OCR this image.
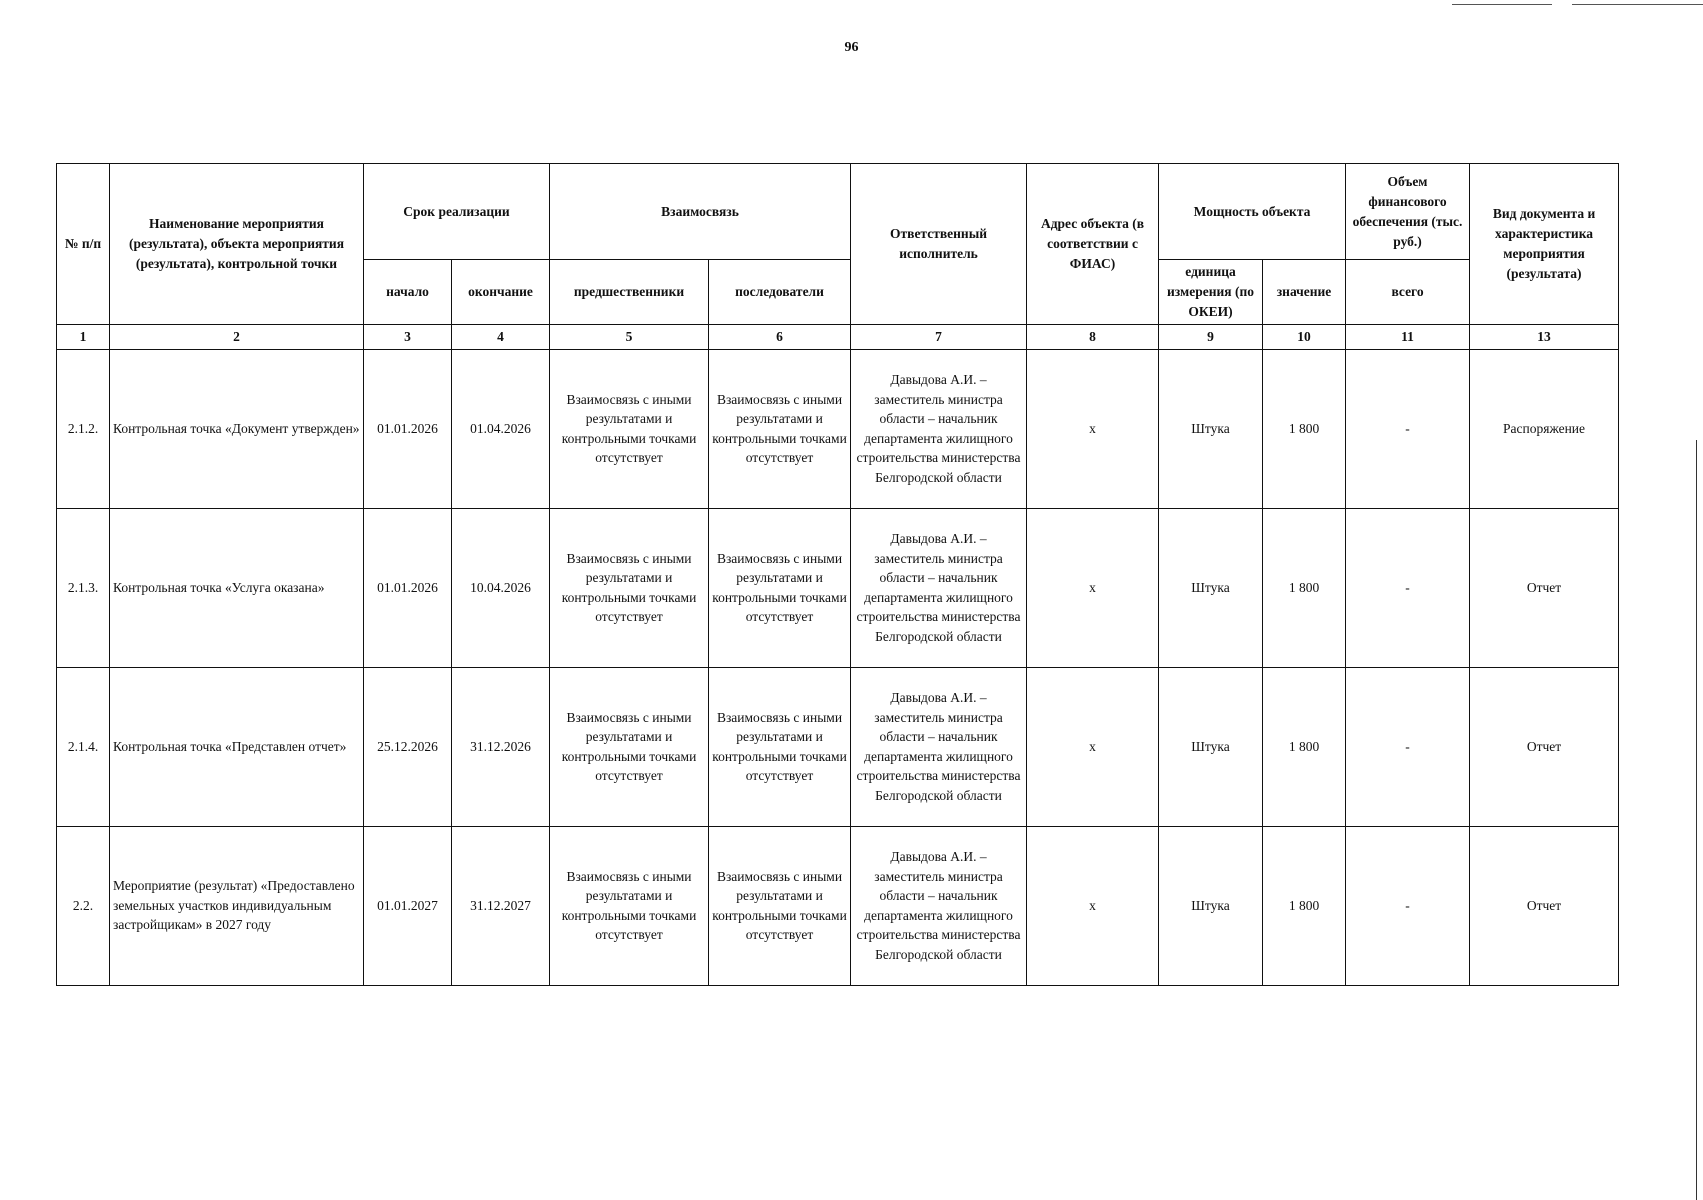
96
№ п/п	Наименование мероприятия (результата), объекта мероприятия (результата), контрольной точки	Срок реализации		Взаимосвязь		Ответственный исполнитель	Адрес объекта (в соответствии с ФИАС)	Мощность объекта		Объем финансового обеспечения (тыс. руб.)	Вид документа и характеристика мероприятия (результата)
		начало	окончание	предшественники	последователи			единица измерения (по ОКЕИ)	значение	всего	
1	2	3	4	5	6	7	8	9	10	11	13
2.1.2.	Контрольная точка «Документ утвержден»	01.01.2026	01.04.2026	Взаимосвязь с иными результатами и контрольными точками отсутствует	Взаимосвязь с иными результатами и контрольными точками отсутствует	Давыдова А.И. – заместитель министра области – начальник департамента жилищного строительства министерства Белгородской области	х	Штука	1 800	-	Распоряжение
2.1.3.	Контрольная точка «Услуга оказана»	01.01.2026	10.04.2026	Взаимосвязь с иными результатами и контрольными точками отсутствует	Взаимосвязь с иными результатами и контрольными точками отсутствует	Давыдова А.И. – заместитель министра области – начальник департамента жилищного строительства министерства Белгородской области	х	Штука	1 800	-	Отчет
2.1.4.	Контрольная точка «Представлен отчет»	25.12.2026	31.12.2026	Взаимосвязь с иными результатами и контрольными точками отсутствует	Взаимосвязь с иными результатами и контрольными точками отсутствует	Давыдова А.И. – заместитель министра области – начальник департамента жилищного строительства министерства Белгородской области	х	Штука	1 800	-	Отчет
2.2.	Мероприятие (результат) «Предоставлено земельных участков индивидуальным застройщикам» в 2027 году	01.01.2027	31.12.2027	Взаимосвязь с иными результатами и контрольными точками отсутствует	Взаимосвязь с иными результатами и контрольными точками отсутствует	Давыдова А.И. – заместитель министра области – начальник департамента жилищного строительства министерства Белгородской области	х	Штука	1 800	-	Отчет
